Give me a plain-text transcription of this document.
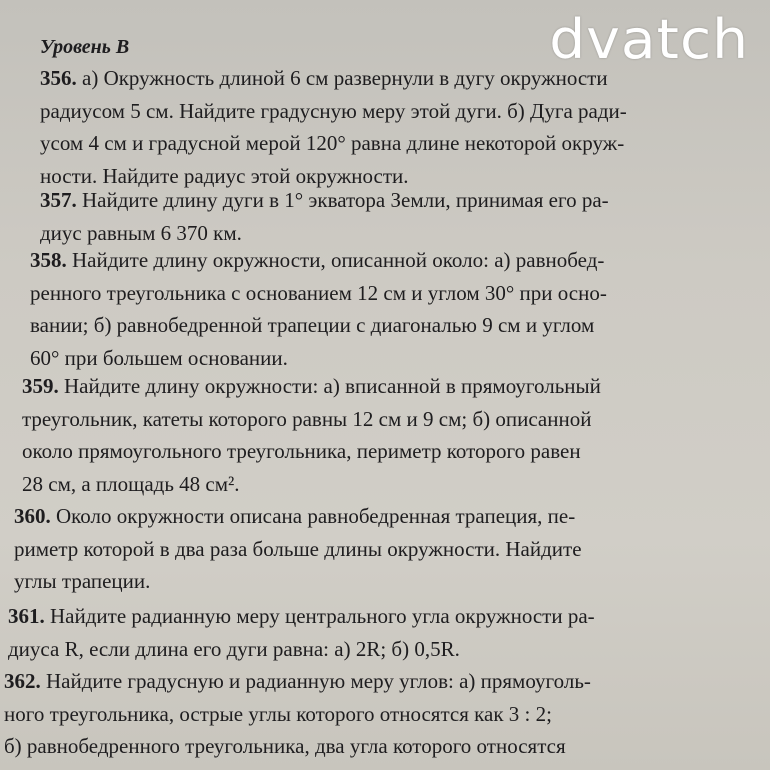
dvatch
Уровень B
356. а) Окружность длиной 6 см развернули в дугу окружности
радиусом 5 см. Найдите градусную меру этой дуги. б) Дуга ради-
усом 4 см и градусной мерой 120° равна длине некоторой окруж-
ности. Найдите радиус этой окружности.
357. Найдите длину дуги в 1° экватора Земли, принимая его ра-
диус равным 6 370 км.
358. Найдите длину окружности, описанной около: а) равнобед-
ренного треугольника с основанием 12 см и углом 30° при осно-
вании; б) равнобедренной трапеции с диагональю 9 см и углом
60° при большем основании.
359. Найдите длину окружности: а) вписанной в прямоугольный
треугольник, катеты которого равны 12 см и 9 см; б) описанной
около прямоугольного треугольника, периметр которого равен
28 см, а площадь 48 см².
360. Около окружности описана равнобедренная трапеция, пе-
риметр которой в два раза больше длины окружности. Найдите
углы трапеции.
361. Найдите радианную меру центрального угла окружности ра-
диуса R, если длина его дуги равна: а) 2R; б) 0,5R.
362. Найдите градусную и радианную меру углов: а) прямоуголь-
ного треугольника, острые углы которого относятся как 3 : 2;
б) равнобедренного треугольника, два угла которого относятся
